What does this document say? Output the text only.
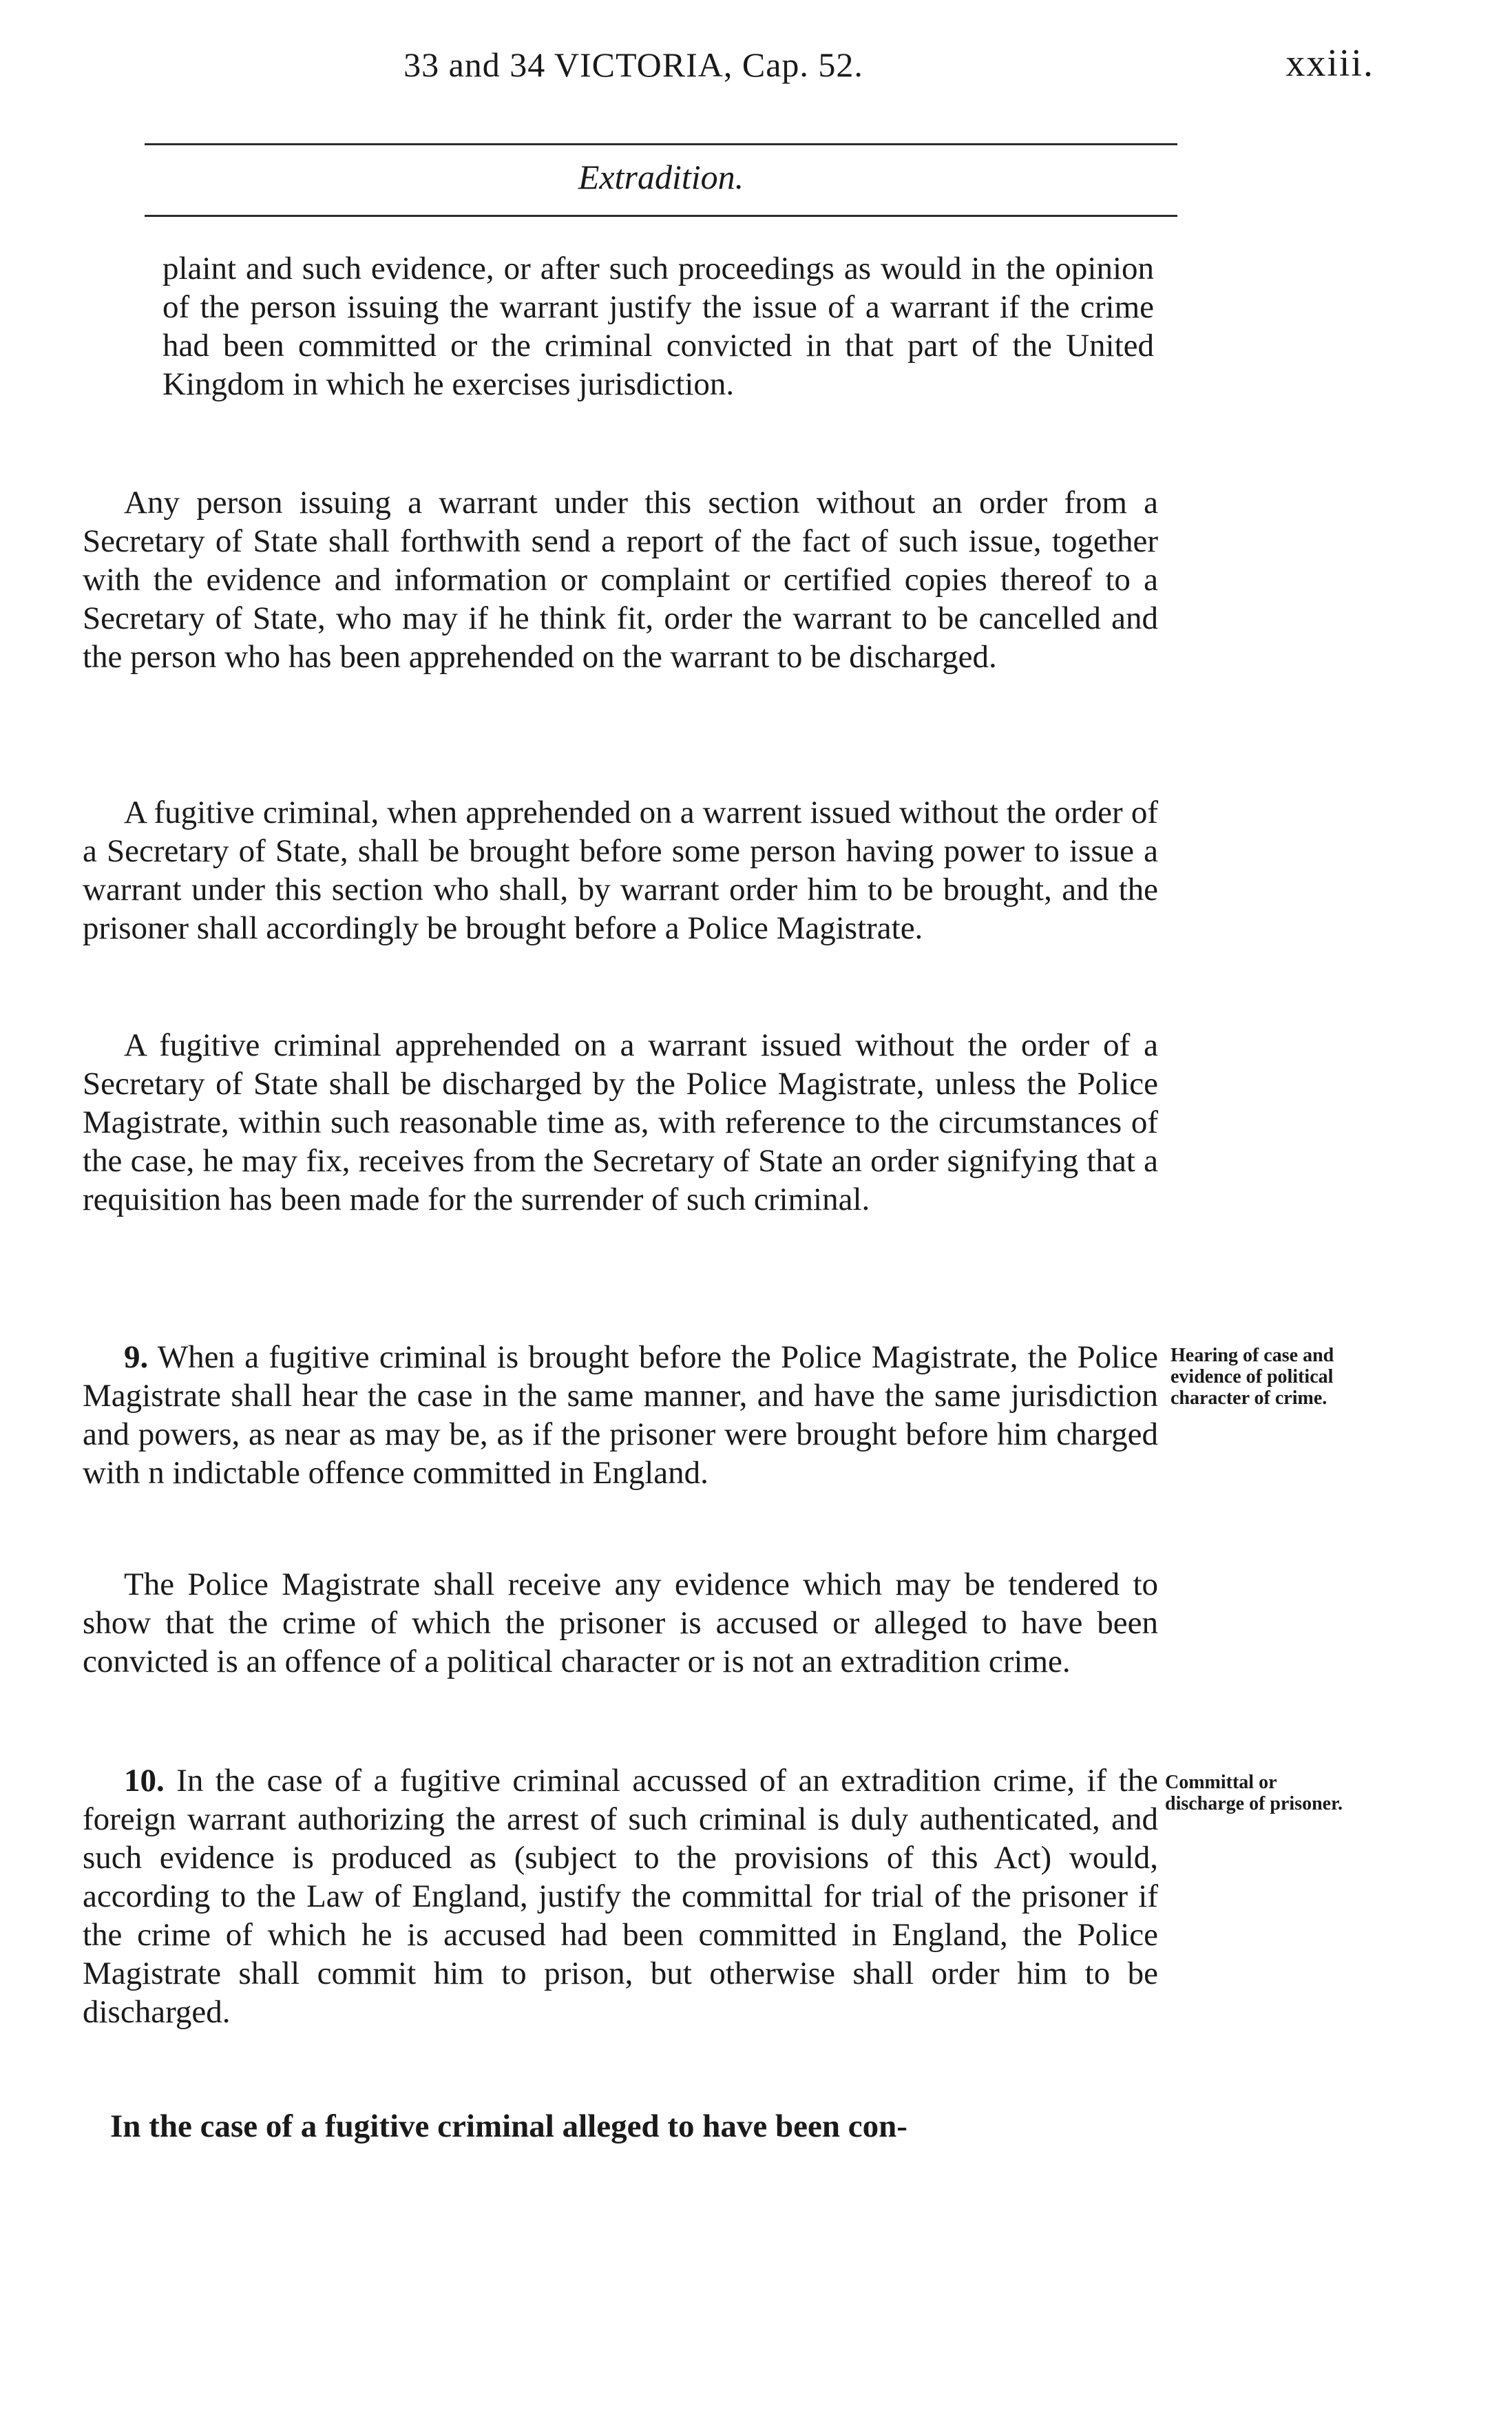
33 and 34 VICTORIA, Cap. 52.	xxiii.
Extradition.

plaint and such evidence, or after such proceedings as would in the opinion of the person issuing the warrant justify the issue of a warrant if the crime had been committed or the criminal convicted in that part of the United Kingdom in which he exercises jurisdiction.

Any person issuing a warrant under this section without an order from a Secretary of State shall forthwith send a report of the fact of such issue, together with the evidence and information or complaint or certified copies thereof to a Secretary of State, who may if he think fit, order the warrant to be cancelled and the person who has been apprehended on the warrant to be discharged.

A fugitive criminal, when apprehended on a warrent issued without the order of a Secretary of State, shall be brought before some person having power to issue a warrant under this section who shall, by warrant order him to be brought, and the prisoner shall accordingly be brought before a Police Magistrate.

A fugitive criminal apprehended on a warrant issued without the order of a Secretary of State shall be discharged by the Police Magistrate, unless the Police Magistrate, within such reasonable time as, with reference to the circumstances of the case, he may fix, receives from the Secretary of State an order signifying that a requisition has been made for the surrender of such criminal.

9. When a fugitive criminal is brought before the Police Magistrate, the Police Magistrate shall hear the case in the same manner, and have the same jurisdiction and powers, as near as may be, as if the prisoner were brought before him charged with n indictable offence committed in England.

The Police Magistrate shall receive any evidence which may be tendered to show that the crime of which the prisoner is accused or alleged to have been convicted is an offence of a political character or is not an extradition crime.

10. In the case of a fugitive criminal accussed of an extradition crime, if the foreign warrant authorizing the arrest of such criminal is duly authenticated, and such evidence is produced as (subject to the provisions of this Act) would, according to the Law of England, justify the committal for trial of the prisoner if the crime of which he is accused had been committed in England, the Police Magistrate shall commit him to prison, but otherwise shall order him to be discharged.

In the case of a fugitive criminal alleged to have been con-

Hearing of case and evidence of political character of crime.
Committal or discharge of prisoner.
